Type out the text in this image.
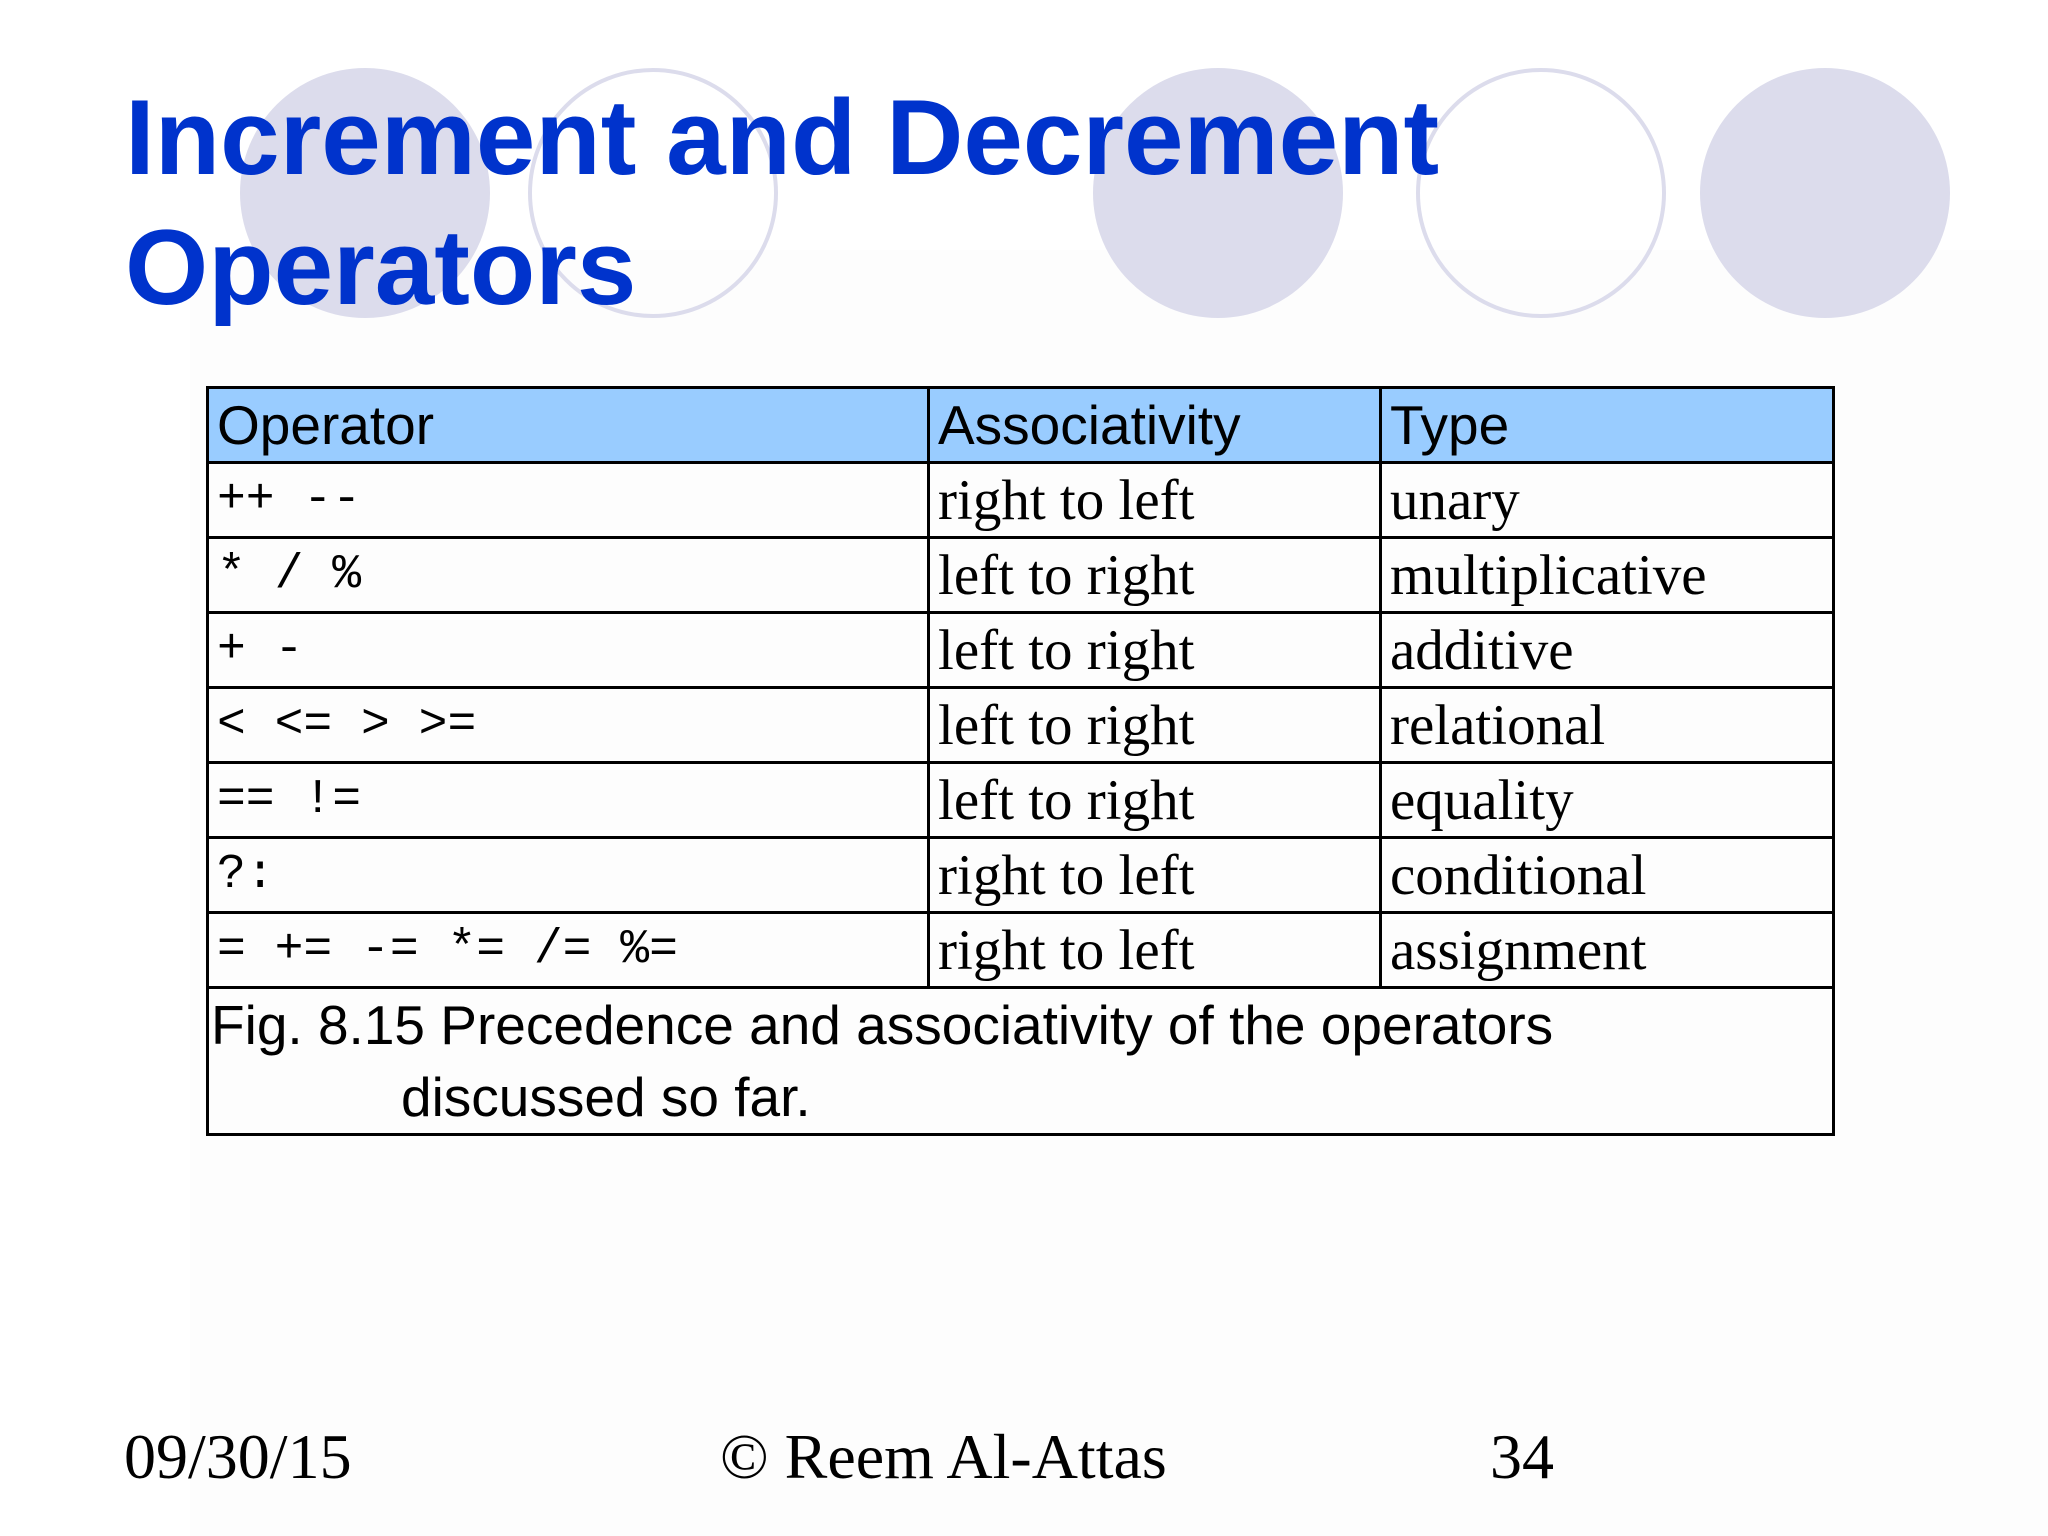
Increment and Decrement
Operators
Operator	Associativity	Type
++ --	right to left	unary
* / %	left to right	multiplicative
+ -	left to right	additive
< <= > >=	left to right	relational
== !=	left to right	equality
?:	right to left	conditional
= += -= *= /= %=	right to left	assignment
Fig. 8.15 Precedence and associativity of the operators
discussed so far.		
09/30/15	© Reem Al-Attas	34
